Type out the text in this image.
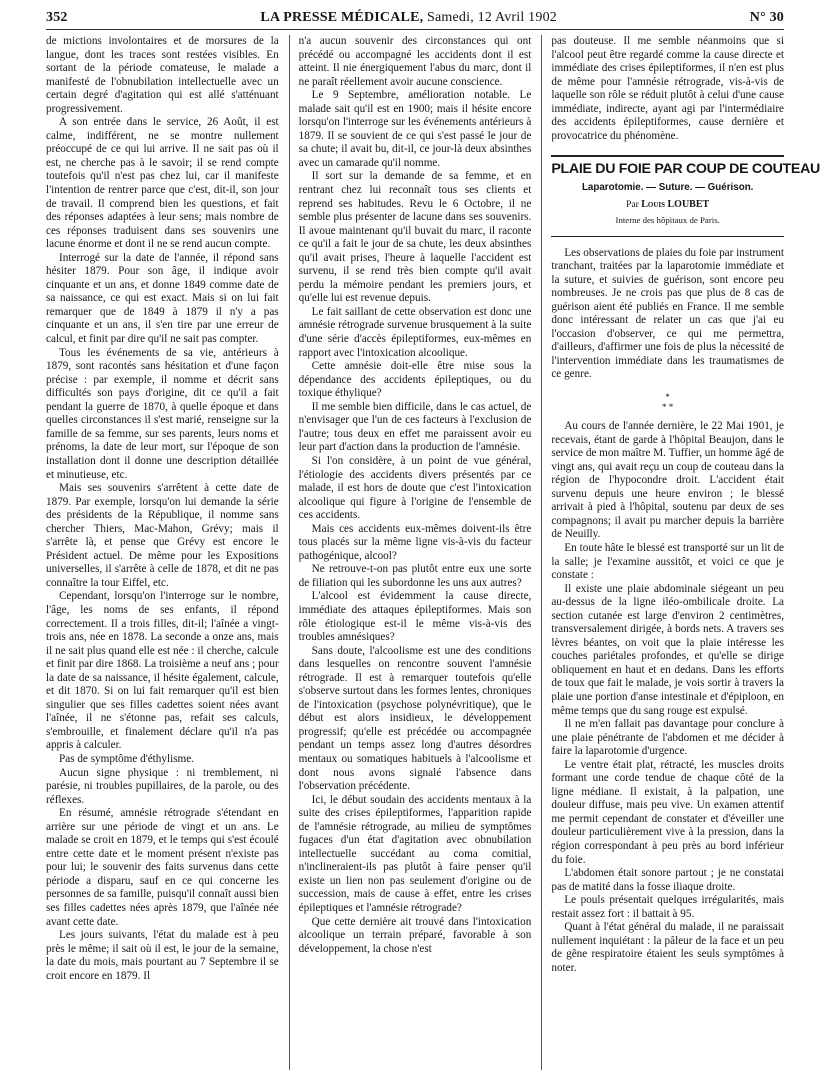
352	LA PRESSE MÉDICALE, Samedi, 12 Avril 1902	N° 30

de mictions involontaires et de morsures de la langue, dont les traces sont restées visibles. En sortant de la période comateuse, le malade a manifesté de l'obnubilation intellectuelle avec un certain degré d'agitation qui est allé s'atténuant progressivement.

A son entrée dans le service, 26 Août, il est calme, indifférent, ne se montre nullement préoccupé de ce qui lui arrive. Il ne sait pas où il est, ne cherche pas à le savoir; il se rend compte toutefois qu'il n'est pas chez lui, car il manifeste l'intention de rentrer parce que c'est, dit-il, son jour de travail. Il comprend bien les questions, et fait des réponses adaptées à leur sens; mais nombre de ces réponses traduisent dans ses souvenirs une lacune énorme et dont il ne se rend aucun compte.

Interrogé sur la date de l'année, il répond sans hésiter 1879. Pour son âge, il indique avoir cinquante et un ans, et donne 1849 comme date de sa naissance, ce qui est exact. Mais si on lui fait remarquer que de 1849 à 1879 il n'y a pas cinquante et un ans, il s'en tire par une erreur de calcul, et finit par dire qu'il ne sait pas compter.

Tous les événements de sa vie, antérieurs à 1879, sont racontés sans hésitation et d'une façon précise : par exemple, il nomme et décrit sans difficultés son pays d'origine, dit ce qu'il a fait pendant la guerre de 1870, à quelle époque et dans quelles circonstances il s'est marié, renseigne sur la famille de sa femme, sur ses parents, leurs noms et prénoms, la date de leur mort, sur l'époque de son installation dont il donne une description détaillée et minutieuse, etc.

Mais ses souvenirs s'arrêtent à cette date de 1879. Par exemple, lorsqu'on lui demande la série des présidents de la République, il nomme sans chercher Thiers, Mac-Mahon, Grévy; mais il s'arrête là, et pense que Grévy est encore le Président actuel. De même pour les Expositions universelles, il s'arrête à celle de 1878, et dit ne pas connaître la tour Eiffel, etc.

Cependant, lorsqu'on l'interroge sur le nombre, l'âge, les noms de ses enfants, il répond correctement. Il a trois filles, dit-il; l'aînée a vingt-trois ans, née en 1878. La seconde a onze ans, mais il ne sait plus quand elle est née : il cherche, calcule et finit par dire 1868. La troisième a neuf ans ; pour la date de sa naissance, il hésite également, calcule, et dit 1870. Si on lui fait remarquer qu'il est bien singulier que ses filles cadettes soient nées avant l'aînée, il ne s'étonne pas, refait ses calculs, s'embrouille, et finalement déclare qu'il n'a pas appris à calculer.

Pas de symptôme d'éthylisme.

Aucun signe physique : ni tremblement, ni parésie, ni troubles pupillaires, de la parole, ou des réflexes.

En résumé, amnésie rétrograde s'étendant en arrière sur une période de vingt et un ans. Le malade se croit en 1879, et le temps qui s'est écoulé entre cette date et le moment présent n'existe pas pour lui; le souvenir des faits survenus dans cette période a disparu, sauf en ce qui concerne les personnes de sa famille, puisqu'il connaît aussi bien ses filles cadettes nées après 1879, que l'aînée née avant cette date.

Les jours suivants, l'état du malade est à peu près le même; il sait où il est, le jour de la semaine, la date du mois, mais pourtant au 7 Septembre il se croit encore en 1879. Il

n'a aucun souvenir des circonstances qui ont précédé ou accompagné les accidents dont il est atteint. Il nie énergiquement l'abus du marc, dont il ne paraît réellement avoir aucune conscience.

Le 9 Septembre, amélioration notable. Le malade sait qu'il est en 1900; mais il hésite encore lorsqu'on l'interroge sur les événements antérieurs à 1879. Il se souvient de ce qui s'est passé le jour de sa chute; il avait bu, dit-il, ce jour-là deux absinthes avec un camarade qu'il nomme.

Il sort sur la demande de sa femme, et en rentrant chez lui reconnaît tous ses clients et reprend ses habitudes. Revu le 6 Octobre, il ne semble plus présenter de lacune dans ses souvenirs. Il avoue maintenant qu'il buvait du marc, il raconte ce qu'il a fait le jour de sa chute, les deux absinthes qu'il avait prises, l'heure à laquelle l'accident est survenu, il se rend très bien compte qu'il avait perdu la mémoire pendant les premiers jours, et qu'elle lui est revenue depuis.

Le fait saillant de cette observation est donc une amnésie rétrograde survenue brusquement à la suite d'une série d'accès épileptiformes, eux-mêmes en rapport avec l'intoxication alcoolique.

Cette amnésie doit-elle être mise sous la dépendance des accidents épileptiques, ou du toxique éthylique?

Il me semble bien difficile, dans le cas actuel, de n'envisager que l'un de ces facteurs à l'exclusion de l'autre; tous deux en effet me paraissent avoir eu leur part d'action dans la production de l'amnésie.

Si l'on considère, à un point de vue général, l'étiologie des accidents divers présentés par ce malade, il est hors de doute que c'est l'intoxication alcoolique qui figure à l'origine de l'ensemble de ces accidents.

Mais ces accidents eux-mêmes doivent-ils être tous placés sur la même ligne vis-à-vis du facteur pathogénique, alcool?

Ne retrouve-t-on pas plutôt entre eux une sorte de filiation qui les subordonne les uns aux autres?

L'alcool est évidemment la cause directe, immédiate des attaques épileptiformes. Mais son rôle étiologique est-il le même vis-à-vis des troubles amnésiques?

Sans doute, l'alcoolisme est une des conditions dans lesquelles on rencontre souvent l'amnésie rétrograde. Il est à remarquer toutefois qu'elle s'observe surtout dans les formes lentes, chroniques de l'intoxication (psychose polynévritique), que le début est alors insidieux, le développement progressif; qu'elle est précédée ou accompagnée pendant un temps assez long d'autres désordres mentaux ou somatiques habituels à l'alcoolisme et dont nous avons signalé l'absence dans l'observation précédente.

Ici, le début soudain des accidents mentaux à la suite des crises épileptiformes, l'apparition rapide de l'amnésie rétrograde, au milieu de symptômes fugaces d'un état d'agitation avec obnubilation intellectuelle succédant au coma comitial, n'inclineraient-ils pas plutôt à faire penser qu'il existe un lien non pas seulement d'origine ou de succession, mais de cause à effet, entre les crises épileptiques et l'amnésie rétrograde?

Que cette dernière ait trouvé dans l'intoxication alcoolique un terrain préparé, favorable à son développement, la chose n'est

pas douteuse. Il me semble néanmoins que si l'alcool peut être regardé comme la cause directe et immédiate des crises épileptiformes, il n'en est plus de même pour l'amnésie rétrograde, vis-à-vis de laquelle son rôle se réduit plutôt à celui d'une cause immédiate, indirecte, ayant agi par l'intermédiaire des accidents épileptiformes, cause dernière et provocatrice du phénomène.

PLAIE DU FOIE PAR COUP DE COUTEAU
Laparotomie. — Suture. — Guérison.
Par Louis LOUBET
Interne des hôpitaux de Paris.

Les observations de plaies du foie par instrument tranchant, traitées par la laparotomie immédiate et la suture, et suivies de guérison, sont encore peu nombreuses. Je ne crois pas que plus de 8 cas de guérison aient été publiés en France. Il me semble donc intéressant de relater un cas que j'ai eu l'occasion d'observer, ce qui me permettra, d'ailleurs, d'affirmer une fois de plus la nécessité de l'intervention immédiate dans les traumatismes de ce genre.

*
* *

Au cours de l'année dernière, le 22 Mai 1901, je recevais, étant de garde à l'hôpital Beaujon, dans le service de mon maître M. Tuffier, un homme âgé de vingt ans, qui avait reçu un coup de couteau dans la région de l'hypocondre droit. L'accident était survenu depuis une heure environ ; le blessé arrivait à pied à l'hôpital, soutenu par deux de ses compagnons; il avait pu marcher depuis la barrière de Neuilly.

En toute hâte le blessé est transporté sur un lit de la salle; je l'examine aussitôt, et voici ce que je constate :

Il existe une plaie abdominale siégeant un peu au-dessus de la ligne iléo-ombilicale droite. La section cutanée est large d'environ 2 centimètres, transversalement dirigée, à bords nets. A travers ses lèvres béantes, on voit que la plaie intéresse les couches pariétales profondes, et qu'elle se dirige obliquement en haut et en dedans. Dans les efforts de toux que fait le malade, je vois sortir à travers la plaie une portion d'anse intestinale et d'épiploon, en même temps que du sang rouge est expulsé.

Il ne m'en fallait pas davantage pour conclure à une plaie pénétrante de l'abdomen et me décider à faire la laparotomie d'urgence.

Le ventre était plat, rétracté, les muscles droits formant une corde tendue de chaque côté de la ligne médiane. Il existait, à la palpation, une douleur diffuse, mais peu vive. Un examen attentif me permit cependant de constater et d'éveiller une douleur particulièrement vive à la pression, dans la région correspondant à peu près au bord inférieur du foie.

L'abdomen était sonore partout ; je ne constatai pas de matité dans la fosse iliaque droite.

Le pouls présentait quelques irrégularités, mais restait assez fort : il battait à 95.

Quant à l'état général du malade, il ne paraissait nullement inquiétant : la pâleur de la face et un peu de gêne respiratoire étaient les seuls symptômes à noter.
